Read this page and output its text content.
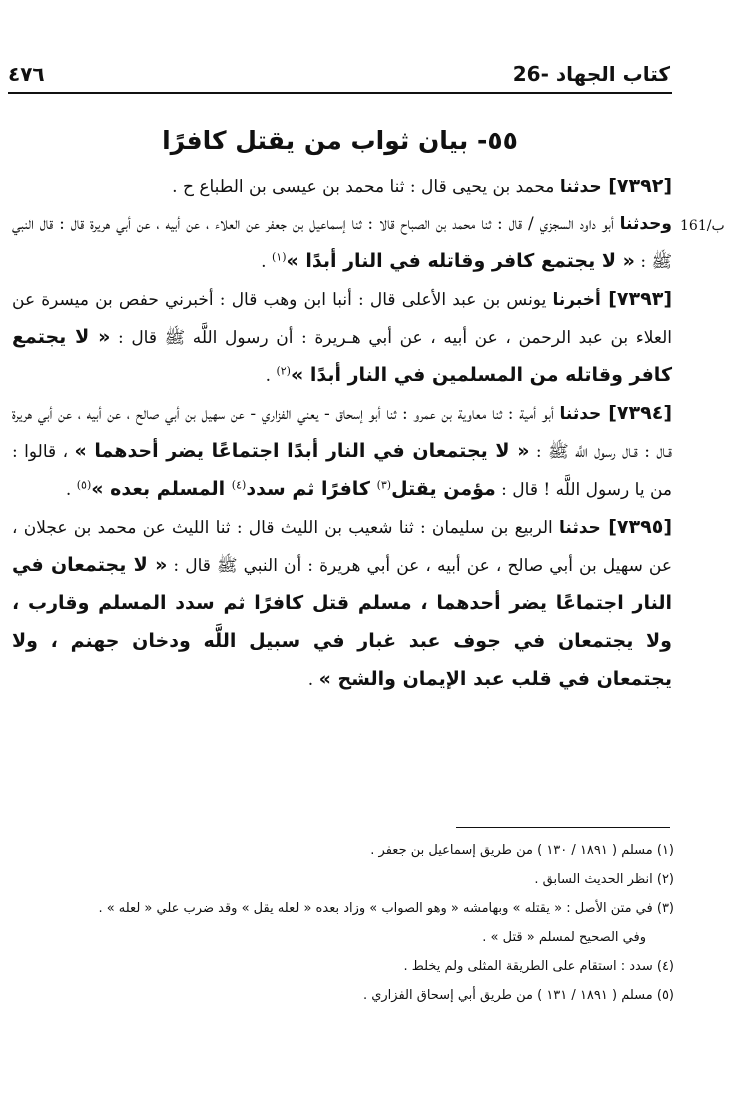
٤٧٦	26- كتاب الجهاد
161/ب
٥٥- بيان ثواب من يقتل كافرًا

[٧٣٩٢] حدثنا محمد بن يحيى قال : ثنا محمد بن عيسى بن الطباع ح .

وحدثنا أبو داود السجزي / قال : ثنا محمد بن الصباح قالا : ثنا إسماعيل بن جعفر عن العلاء ، عن أبيه ، عن أبي هريرة قال : قال النبي ﷺ : « لا يجتمع كافر وقاتله في النار أبدًا »$^{(١)}$ .

[٧٣٩٣] أخبرنا يونس بن عبد الأعلى قال : أنبا ابن وهب قال : أخبرني حفص بن ميسرة عن العلاء بن عبد الرحمن ، عن أبيه ، عن أبي هـريرة : أن رسول اللَّه ﷺ قال : « لا يجتمع كافر وقاتله من المسلمين في النار أبدًا »$^{(٢)}$ .

[٧٣٩٤] حدثنا أبو أمية : ثنا معاوية بن عمرو : ثنا أبو إسحاق - يعني الفزاري - عن سهيل بن أبي صالح ، عن أبيه ، عن أبي هريرة قـال : قـال رسول اللَّه ﷺ : « لا يجتمعان في النار أبدًا اجتماعًا يضر أحدهما » ، قالوا : من يا رسول اللَّه ! قال : مؤمن يقتل$^{(٣)}$ كافرًا ثم سدد$^{(٤)}$ المسلم بعده »$^{(٥)}$ .

[٧٣٩٥] حدثنا الربيع بن سليمان : ثنا شعيب بن الليث قال : ثنا الليث عن محمد بن عجلان ، عن سهيل بن أبي صالح ، عن أبيه ، عن أبي هريرة : أن النبي ﷺ قال : « لا يجتمعان في النار اجتماعًا يضر أحدهما ، مسلم قتل كافرًا ثم سدد المسلم وقارب ، ولا يجتمعان في جوف عبد غبار في سبيل اللَّه ودخان جهنم ، ولا يجتمعان في قلب عبد الإيمان والشح » .

(١) مسلم ( ١٨٩١ / ١٣٠ ) من طريق إسماعيل بن جعفر .

(٢) انظر الحديث السابق .

(٣) في متن الأصل : « يقتله » وبهامشه « وهو الصواب » وزاد بعده « لعله يقل » وقد ضرب علي « لعله » .

وفي الصحيح لمسلم « قتل » .

(٤) سدد : استقام على الطريقة المثلى ولم يخلط .

(٥) مسلم ( ١٨٩١ / ١٣١ ) من طريق أبي إسحاق الفزاري .
